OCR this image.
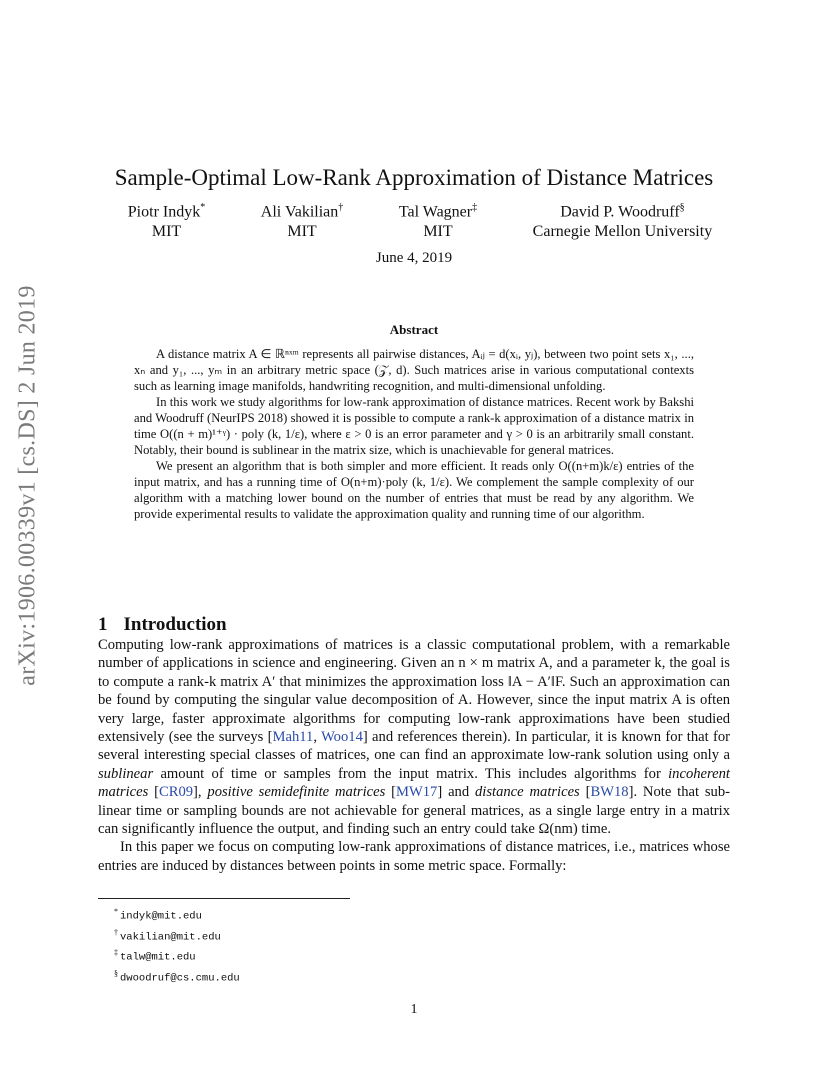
arXiv:1906.00339v1 [cs.DS] 2 Jun 2019
Sample-Optimal Low-Rank Approximation of Distance Matrices
Piotr Indyk*
MIT
Ali Vakilian†
MIT
Tal Wagner‡
MIT
David P. Woodruff§
Carnegie Mellon University
June 4, 2019
Abstract

A distance matrix A ∈ ℝⁿˣᵐ represents all pairwise distances, Aᵢⱼ = d(xᵢ, yⱼ), between two point sets x₁, ..., xₙ and y₁, ..., yₘ in an arbitrary metric space (𝒵, d). Such matrices arise in various computational contexts such as learning image manifolds, handwriting recognition, and multi-dimensional unfolding.

In this work we study algorithms for low-rank approximation of distance matrices. Recent work by Bakshi and Woodruff (NeurIPS 2018) showed it is possible to compute a rank-k approximation of a distance matrix in time O((n + m)¹⁺ᵞ) · poly (k, 1/ε), where ε > 0 is an error parameter and γ > 0 is an arbitrarily small constant. Notably, their bound is sublinear in the matrix size, which is unachievable for general matrices.

We present an algorithm that is both simpler and more efficient. It reads only O((n+m)k/ε) entries of the input matrix, and has a running time of O(n+m)·poly (k, 1/ε). We complement the sample complexity of our algorithm with a matching lower bound on the number of entries that must be read by any algorithm. We provide experimental results to validate the approximation quality and running time of our algorithm.

1 Introduction

Computing low-rank approximations of matrices is a classic computational problem, with a remarkable number of applications in science and engineering. Given an n × m matrix A, and a parameter k, the goal is to compute a rank-k matrix A′ that minimizes the approximation loss ‖A − A′‖F. Such an approximation can be found by computing the singular value decomposition of A. However, since the input matrix A is often very large, faster approximate algorithms for computing low-rank approximations have been studied extensively (see the surveys [Mah11, Woo14] and references therein). In particular, it is known for that for several interesting special classes of matrices, one can find an approximate low-rank solution using only a sublinear amount of time or samples from the input matrix. This includes algorithms for incoherent matrices [CR09], positive semidefinite matrices [MW17] and distance matrices [BW18]. Note that sub-linear time or sampling bounds are not achievable for general matrices, as a single large entry in a matrix can significantly influence the output, and finding such an entry could take Ω(nm) time.

In this paper we focus on computing low-rank approximations of distance matrices, i.e., matrices whose entries are induced by distances between points in some metric space. Formally:

* indyk@mit.edu
† vakilian@mit.edu
‡ talw@mit.edu
§ dwoodruf@cs.cmu.edu
1
